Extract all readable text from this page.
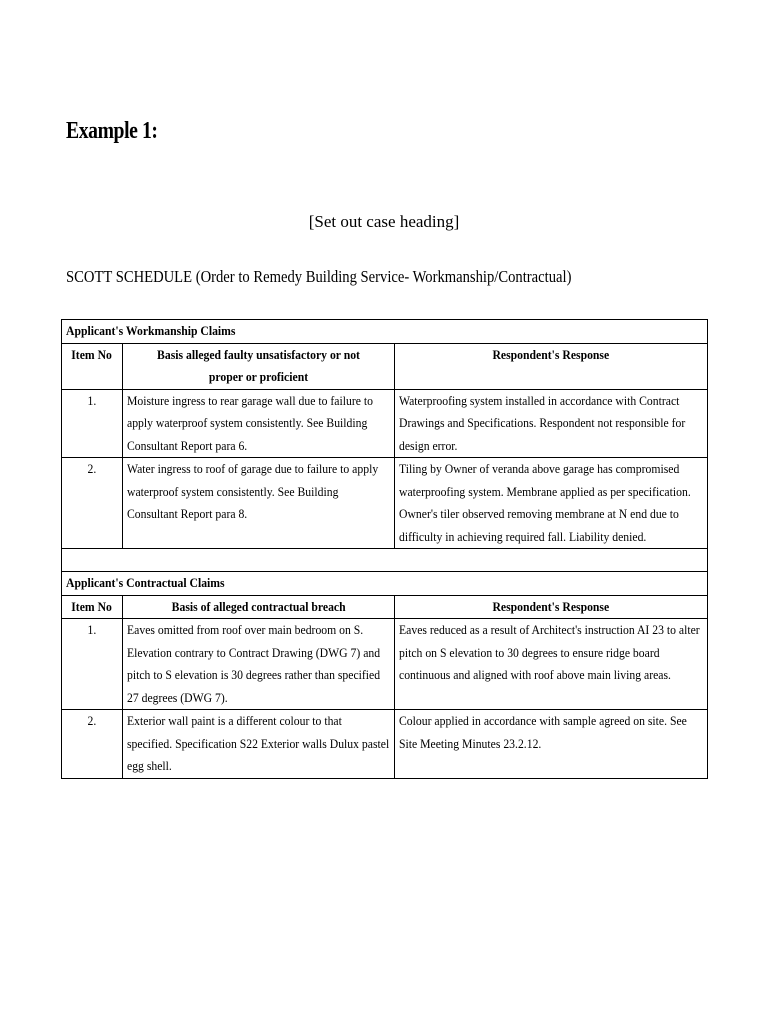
Example 1:
[Set out case heading]
SCOTT SCHEDULE (Order to Remedy Building Service- Workmanship/Contractual)
Applicant's Workmanship Claims		
Item No	Basis alleged faulty unsatisfactory or not proper or proficient	Respondent's Response
1.	Moisture ingress to rear garage wall due to failure to apply waterproof system consistently. See Building Consultant Report para 6.	Waterproofing system installed in accordance with Contract Drawings and Specifications. Respondent not responsible for design error.
2.	Water ingress to roof of garage due to failure to apply waterproof system consistently. See Building Consultant Report para 8.	Tiling by Owner of veranda above garage has compromised waterproofing system. Membrane applied as per specification. Owner's tiler observed removing membrane at N end due to difficulty in achieving required fall. Liability denied.

Applicant's Contractual Claims		
Item No	Basis of alleged contractual breach	Respondent's Response
1.	Eaves omitted from roof over main bedroom on S. Elevation contrary to Contract Drawing (DWG 7) and pitch to S elevation is 30 degrees rather than specified 27 degrees (DWG 7).	Eaves reduced as a result of Architect's instruction AI 23 to alter pitch on S elevation to 30 degrees to ensure ridge board continuous and aligned with roof above main living areas.
2.	Exterior wall paint is a different colour to that specified. Specification S22 Exterior walls Dulux pastel egg shell.	Colour applied in accordance with sample agreed on site. See Site Meeting Minutes 23.2.12.
